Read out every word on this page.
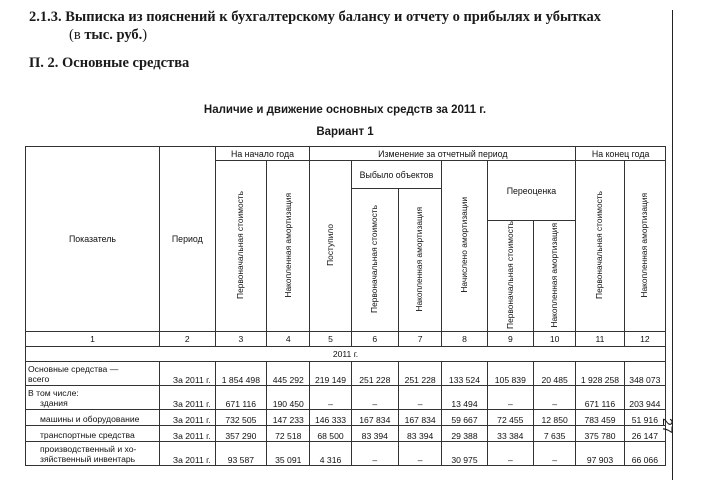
2.1.3. Выписка из пояснений к бухгалтерскому балансу и отчету о прибылях и убытках
(в тыс. руб.)
П. 2. Основные средства
Наличие и движение основных средств за 2011 г.
Вариант 1
Показатель	Период	На начало года		Изменение за отчетный период						На конец года	
		Первоначальная стоимость	Накопленная амортизация	Поступило	Выбыло объектов		Начислено амортизации	Переоценка		Первоначальная стоимость	Накопленная амортизация
					Первоначальная стоимость	Накопленная амортизация					
								Первоначальная стоимость	Накопленная амортизация		
1	2	3	4	5	6	7	8	9	10	11	12
2011 г.											
Основные средства —
всего	За 2011 г.	1 854 498	445 292	219 149	251 228	251 228	133 524	105 839	20 485	1 928 258	348 073
В том числе:
здания	За 2011 г.	671 116	190 450	–	–	–	13 494	–	–	671 116	203 944

машины и оборудование	За 2011 г.	732 505	147 233	146 333	167 834	167 834	59 667	72 455	12 850	783 459	51 916

транспортные средства	За 2011 г.	357 290	72 518	68 500	83 394	83 394	29 388	33 384	7 635	375 780	26 147

производственный и хо-
зяйственный инвентарь	За 2011 г.	93 587	35 091	4 316	–	–	30 975	–	–	97 903	66 066
27
